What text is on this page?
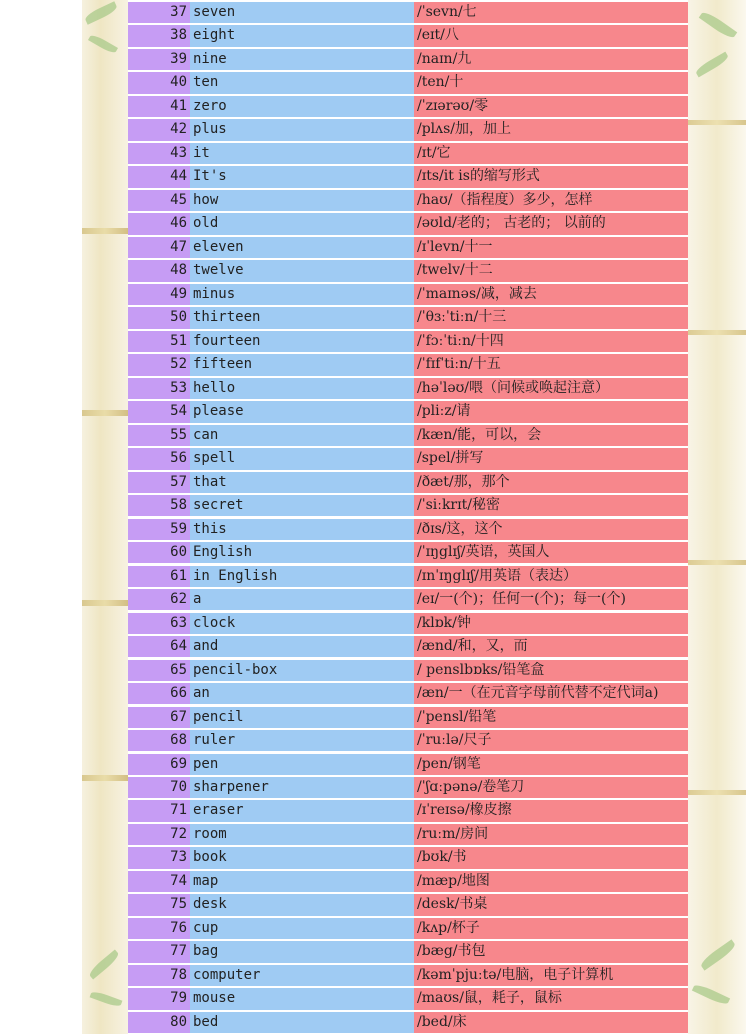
37 seven	/ˈsevn/七
38 eight	/eɪt/八
39 nine	/naɪn/九
40 ten	/ten/十
41 zero	/ˈzɪərəʊ/零
42 plus	/plʌs/加，加上
43 it	/ɪt/它
44 It's	/ɪts/it is的缩写形式
45 how	/haʊ/（指程度）多少，怎样
46 old	/əʊld/老的； 古老的； 以前的
47 eleven	/ɪˈlevn/十一
48 twelve	/twelv/十二
49 minus	/ˈmaɪnəs/减，减去
50 thirteen	/ˈθɜːˈtiːn/十三
51 fourteen	/ˈfɔːˈtiːn/十四
52 fifteen	/ˈfɪfˈtiːn/十五
53 hello	/həˈləʊ/喂（问候或唤起注意）
54 please	/pliːz/请
55 can	/kæn/能，可以，会
56 spell	/spel/拼写
57 that	/ðæt/那，那个
58 secret	/ˈsiːkrɪt/秘密
59 this	/ðɪs/这，这个
60 English	/ˈɪŋglɪʃ/英语，英国人
61 in English	/ɪnˈɪŋglɪʃ/用英语（表达）
62 a	/eɪ/一(个)；任何一(个)；每一(个)
63 clock	/klɒk/钟
64 and	/ænd/和，又，而
65 pencil-box	/ penslbɒks/铅笔盒
66 an	/æn/一（在元音字母前代替不定代词a)
67 pencil	/ˈpensl/铅笔
68 ruler	/ˈruːlə/尺子
69 pen	/pen/钢笔
70 sharpener	/ˈʃɑːpənə/卷笔刀
71 eraser	/ɪˈreɪsə/橡皮擦
72 room	/ruːm/房间
73 book	/bʊk/书
74 map	/mæp/地图
75 desk	/desk/书桌
76 cup	/kʌp/杯子
77 bag	/bæg/书包
78 computer	/kəmˈpjuːtə/电脑，电子计算机
79 mouse	/maʊs/鼠，耗子，鼠标
80 bed	/bed/床
